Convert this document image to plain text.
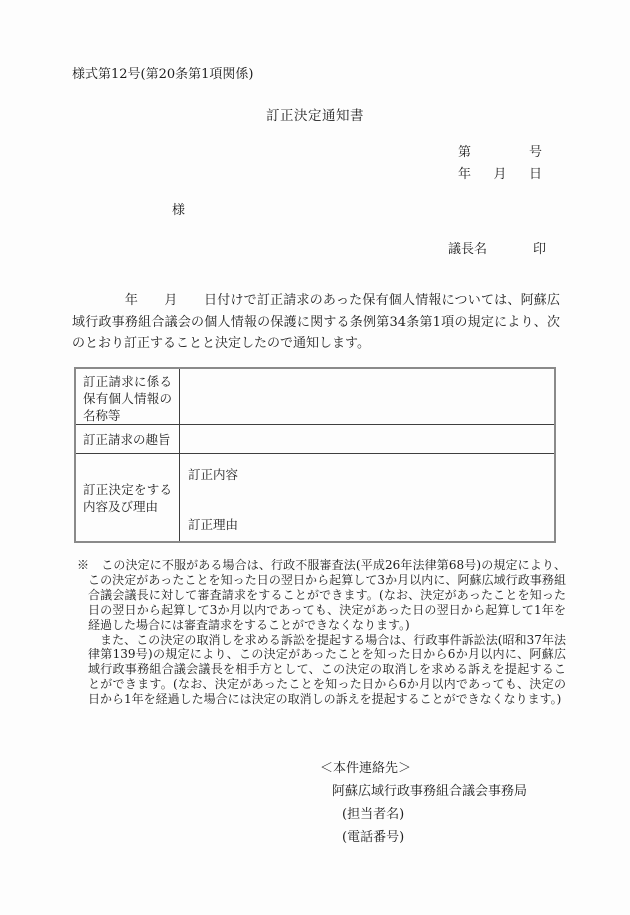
様式第12号(第20条第1項関係)
訂正決定通知書
第	号
年 月 日
様
議長名	印
　　　　年　　月　　日付けで訂正請求のあった保有個人情報については、阿蘇広域行政事務組合議会の個人情報の保護に関する条例第34条第1項の規定により、次のとおり訂正することと決定したので通知します。
訂正請求に係る保有個人情報の名称等
訂正請求の趣旨
訂正決定をする内容及び理由
訂正内容
訂正理由

※　この決定に不服がある場合は、行政不服審査法(平成26年法律第68号)の規定により、この決定があったことを知った日の翌日から起算して3か月以内に、阿蘇広域行政事務組合議会議長に対して審査請求をすることができます。(なお、決定があったことを知った日の翌日から起算して3か月以内であっても、決定があった日の翌日から起算して1年を経過した場合には審査請求をすることができなくなります。)

　また、この決定の取消しを求める訴訟を提起する場合は、行政事件訴訟法(昭和37年法律第139号)の規定により、この決定があったことを知った日から6か月以内に、阿蘇広域行政事務組合議会議長を相手方として、この決定の取消しを求める訴えを提起することができます。(なお、決定があったことを知った日から6か月以内であっても、決定の日から1年を経過した場合には決定の取消しの訴えを提起することができなくなります。)

＜本件連絡先＞
阿蘇広域行政事務組合議会事務局
(担当者名)
(電話番号)
